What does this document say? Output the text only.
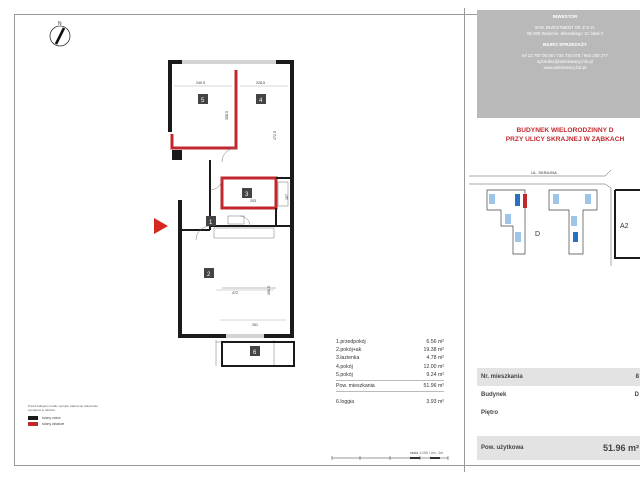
N
5	4
3
1
2
6
240.5	228.5
358.5
472.5
203
187
208.5
472
261
1.przedpokój	6.56 m²
2.pokój+ak	19.38 m²
3.łazienka	4.78 m²
4.pokój	12.00 m²
5.pokój	9.24 m²
Pow. mieszkania	51.96 m²
6.loggia	3.93 m²
Przed zakupem mebli i sprzętu zaleca się dokonanie pomiarów w naturze.
ściany nośne
ściany działowe
skala 1:100 / cm : 1m
INWESTOR
W.W. INVESTMENT SP. Z O.O.
05-200 Wołomin, Sikorskiego 1C lokal 2
BIURO SPRZEDAŻY
tel 22 787 05 08 / 734 734 078 / 664 200 277
sprzedaz@wisniewscy.info.pl
www.wisniewscy.biz.pl
BUDYNEK WIELORODZINNY D
PRZY ULICY SKRAJNEJ W ZĄBKACH
UL. SKRAJNA
D
A2
Nr. mieszkania	8
Budynek	D
Piętro
Pow. użytkowa	51.96 m²
